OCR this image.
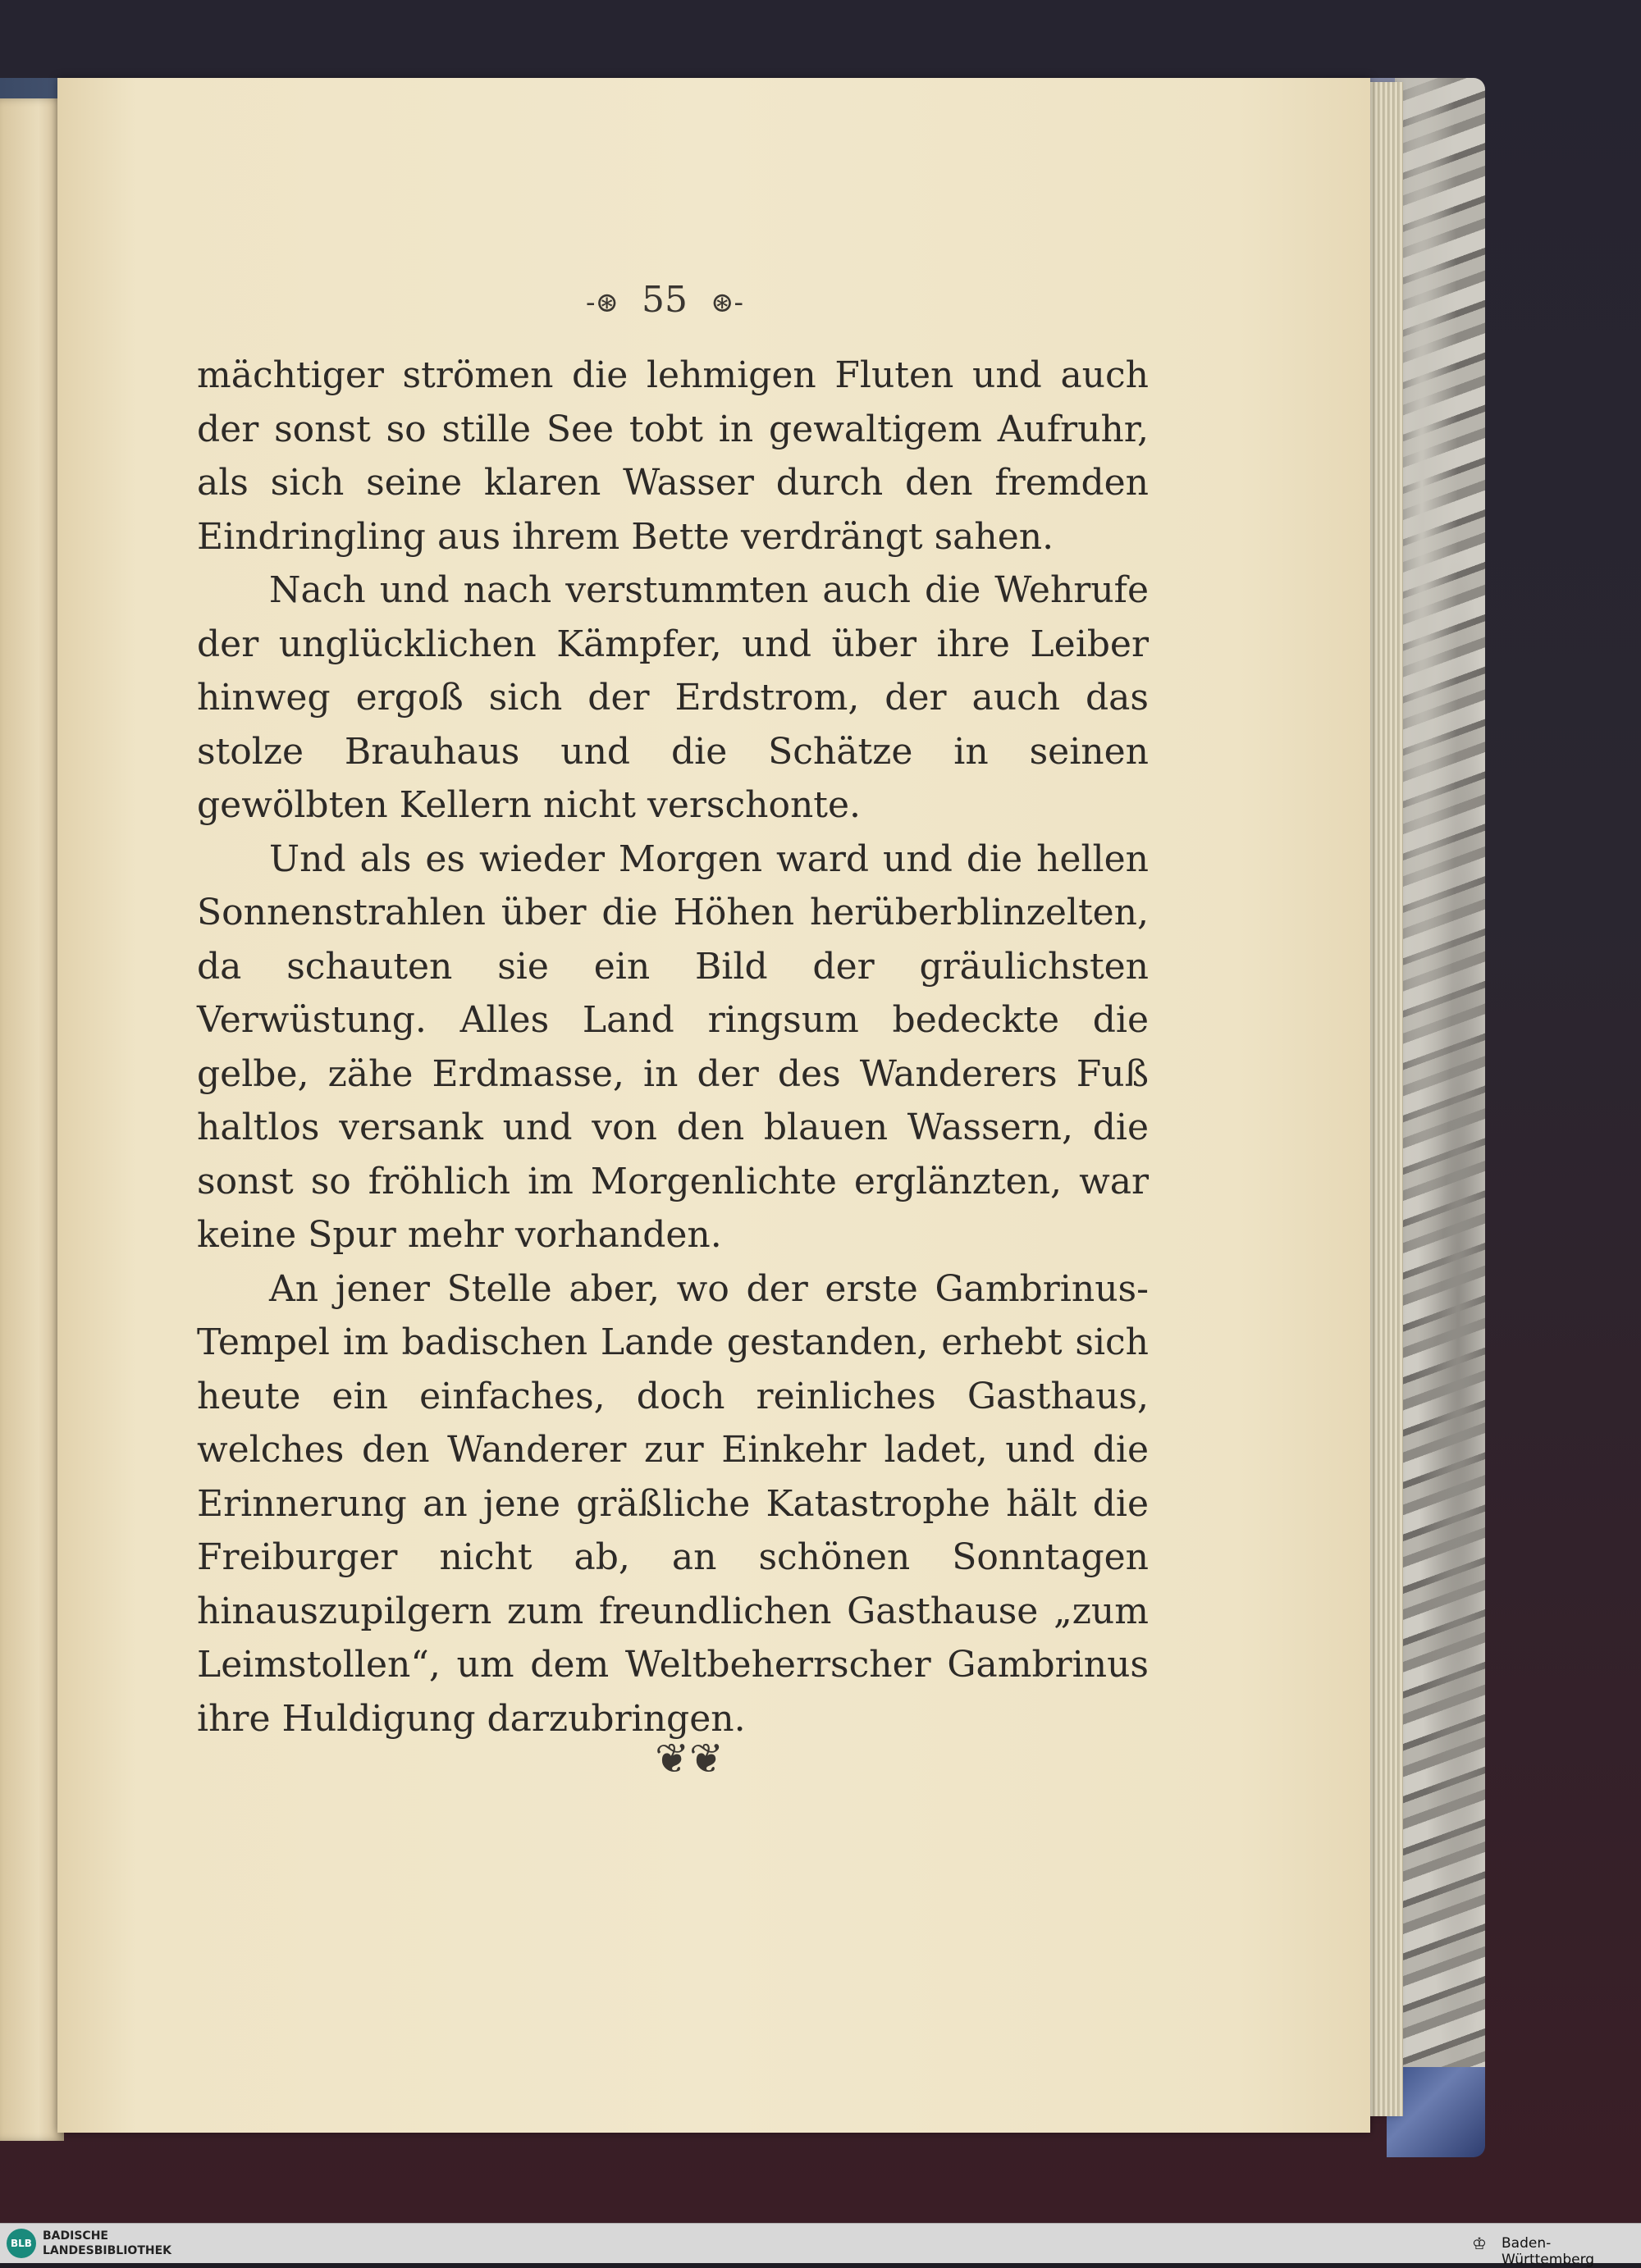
-⊛ 55 ⊛-

mächtiger strömen die lehmigen Fluten und auch der sonst so stille See tobt in gewaltigem Aufruhr, als sich seine klaren Wasser durch den fremden Eindringling aus ihrem Bette verdrängt sahen.

Nach und nach verstummten auch die Wehrufe der unglücklichen Kämpfer, und über ihre Leiber hinweg ergoß sich der Erdstrom, der auch das stolze Brauhaus und die Schätze in seinen gewölbten Kellern nicht verschonte.

Und als es wieder Morgen ward und die hellen Sonnenstrahlen über die Höhen herüberblinzelten, da schauten sie ein Bild der gräulichsten Verwüstung. Alles Land ringsum bedeckte die gelbe, zähe Erdmasse, in der des Wanderers Fuß haltlos versank und von den blauen Wassern, die sonst so fröhlich im Morgenlichte erglänzten, war keine Spur mehr vorhanden.

An jener Stelle aber, wo der erste Gambrinus-Tempel im badischen Lande gestanden, erhebt sich heute ein einfaches, doch reinliches Gasthaus, welches den Wanderer zur Einkehr ladet, und die Erinnerung an jene gräßliche Katastrophe hält die Freiburger nicht ab, an schönen Sonntagen hinauszupilgern zum freundlichen Gasthause „zum Leimstollen“, um dem Weltbeherrscher Gambrinus ihre Huldigung darzubringen.

❦❦
BLB
BADISCHE
LANDESBIBLIOTHEK	♔ Baden-Württemberg
